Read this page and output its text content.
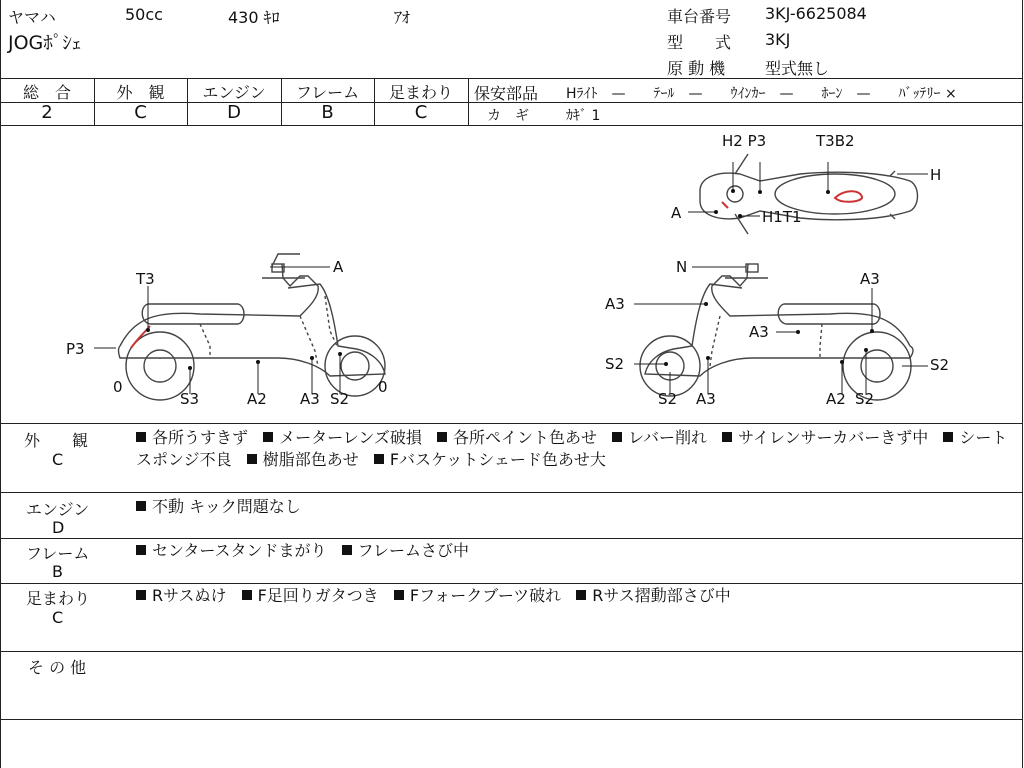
ヤマハ	50cc	430 ｷﾛ	ｱｵ
JOGﾎﾟｼｪ
車台番号 3KJ-6625084
型　　式 3KJ
原 動 機 型式無し
総　合	外　観	エンジン	フレーム	足まわり
2	C	D	B	C
保安部品 Hﾗｲﾄ　—　　ﾃｰﾙ　—　　ｳｲﾝｶｰ　—　　ﾎｰﾝ　—　　ﾊﾞｯﾃﾘｰ ×
カ　ギ	ｶｷﾞ 1
T3
P3
A
0	0
S3	A2 A3 S2
N
A3
A3
A3
S2	S2
S2 A3	A2 S2
H2 P3	T3B2
H
A	H1T1
外　　観
C
各所うすきず メーターレンズ破損 各所ペイント色あせ レバー削れ サイレンサーカバーきず中 シートスポンジ不良 樹脂部色あせ Fバスケットシェード色あせ大
エンジン
D
不動 キック問題なし
フレーム
B
センタースタンドまがり フレームさび中
足まわり
C
Rサスぬけ F足回りガタつき Fフォークブーツ破れ Rサス摺動部さび中
そ の 他
